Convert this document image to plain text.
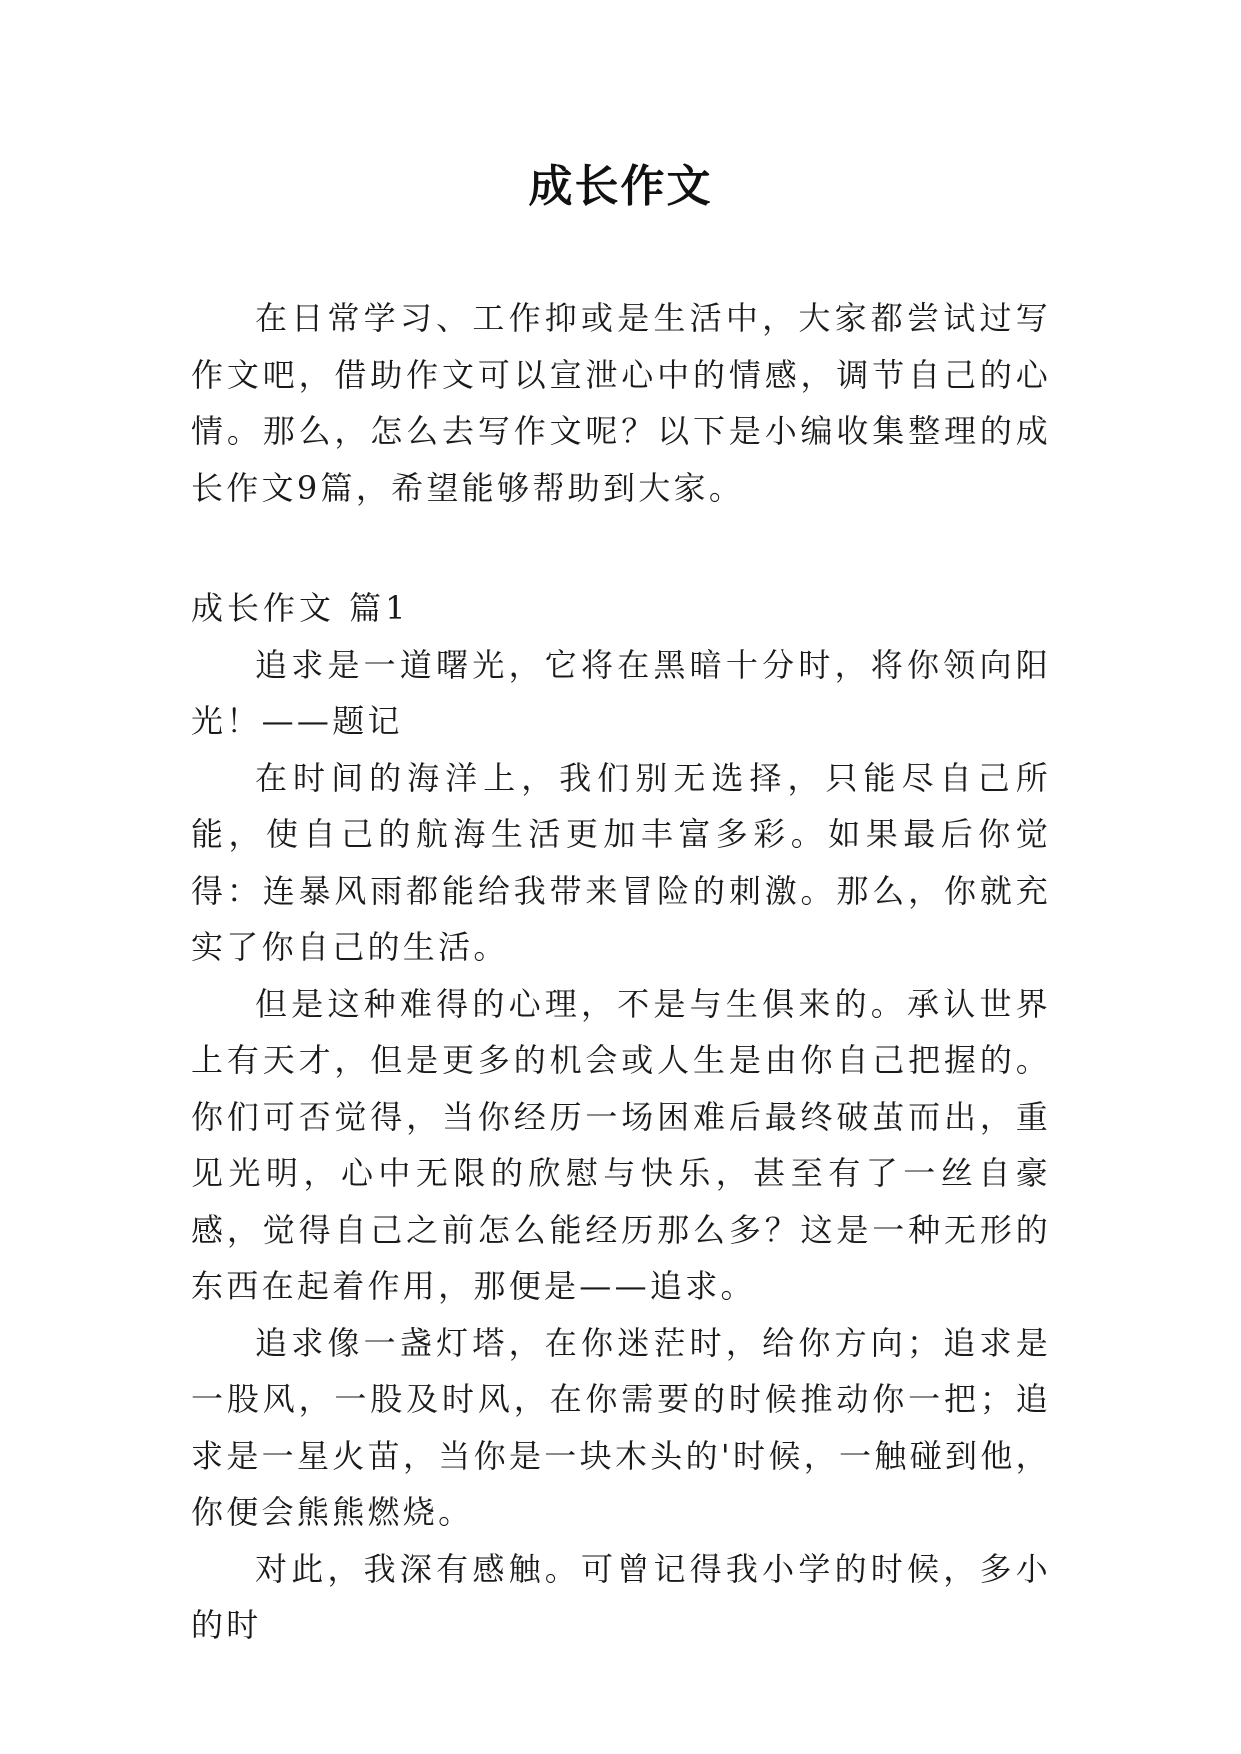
成长作文

在日常学习、工作抑或是生活中，大家都尝试过写作文吧，借助作文可以宣泄心中的情感，调节自己的心情。那么，怎么去写作文呢？以下是小编收集整理的成长作文9篇，希望能够帮助到大家。

成长作文 篇1

追求是一道曙光，它将在黑暗十分时，将你领向阳光！——题记

在时间的海洋上，我们别无选择，只能尽自己所能，使自己的航海生活更加丰富多彩。如果最后你觉得：连暴风雨都能给我带来冒险的刺激。那么，你就充实了你自己的生活。

但是这种难得的心理，不是与生俱来的。承认世界上有天才，但是更多的机会或人生是由你自己把握的。你们可否觉得，当你经历一场困难后最终破茧而出，重见光明，心中无限的欣慰与快乐，甚至有了一丝自豪感，觉得自己之前怎么能经历那么多？这是一种无形的东西在起着作用，那便是——追求。

追求像一盏灯塔，在你迷茫时，给你方向；追求是一股风，一股及时风，在你需要的时候推动你一把；追求是一星火苗，当你是一块木头的'时候，一触碰到他，你便会熊熊燃烧。

对此，我深有感触。可曾记得我小学的时候，多小的时
